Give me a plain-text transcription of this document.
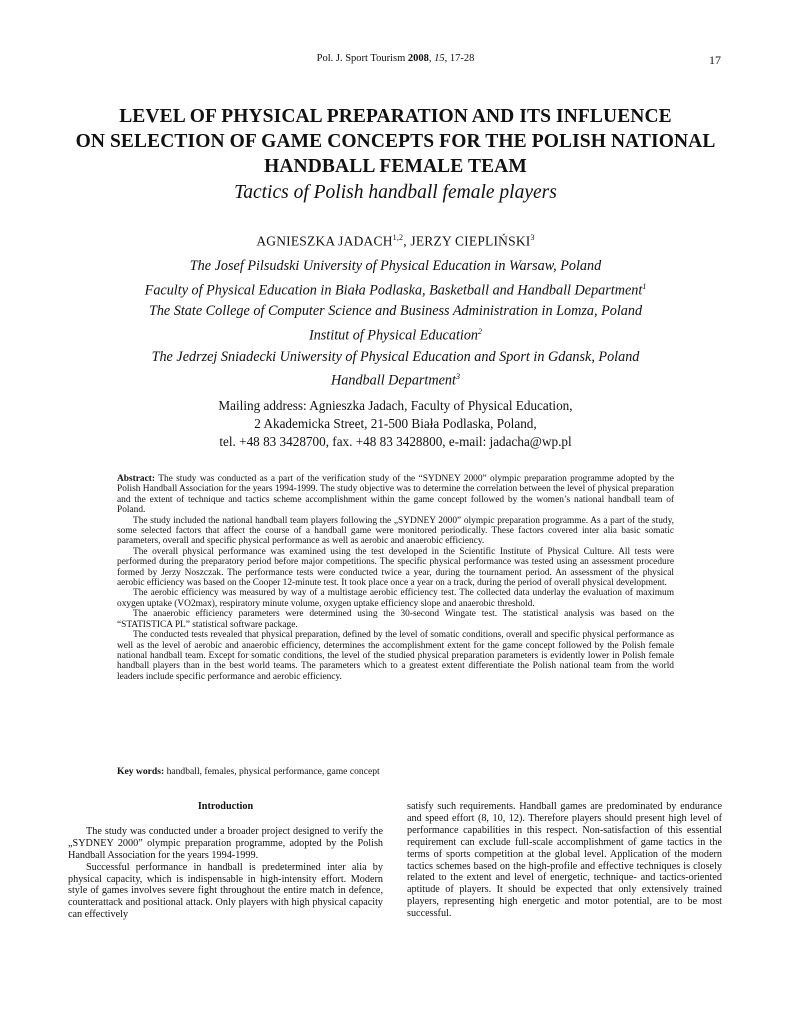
Pol. J. Sport Tourism 2008, 15, 17-28	17
LEVEL OF PHYSICAL PREPARATION AND ITS INFLUENCE
ON SELECTION OF GAME CONCEPTS FOR THE POLISH NATIONAL
HANDBALL FEMALE TEAM
Tactics of Polish handball female players
AGNIESZKA JADACH$^{1,2}$, JERZY CIEPLIŃSKI$^3$
The Josef Pilsudski University of Physical Education in Warsaw, Poland
Faculty of Physical Education in Biała Podlaska, Basketball and Handball Department$^1$
The State College of Computer Science and Business Administration in Lomza, Poland
Institut of Physical Education$^2$
The Jedrzej Sniadecki Uniwersity of Physical Education and Sport in Gdansk, Poland
Handball Department$^3$
Mailing address: Agnieszka Jadach, Faculty of Physical Education,
2 Akademicka Street, 21-500 Biała Podlaska, Poland,
tel. +48 83 3428700, fax. +48 83 3428800, e-mail: jadacha@wp.pl

Abstract: The study was conducted as a part of the verification study of the “SYDNEY 2000” olympic preparation programme adopted by the Polish Handball Association for the years 1994-1999. The study objective was to determine the correlation between the level of physical preparation and the extent of technique and tactics scheme accomplishment within the game concept followed by the women’s national handball team of Poland.

The study included the national handball team players following the „SYDNEY 2000” olympic preparation programme. As a part of the study, some selected factors that affect the course of a handball game were monitored periodically. These factors covered inter alia basic somatic parameters, overall and specific physical performance as well as aerobic and anaerobic efficiency.

The overall physical performance was examined using the test developed in the Scientific Institute of Physical Culture. All tests were performed during the preparatory period before major competitions. The specific physical performance was tested using an assessment procedure formed by Jerzy Noszczak. The performance tests were conducted twice a year, during the tournament period. An assessment of the physical aerobic efficiency was based on the Cooper 12-minute test. It took place once a year on a track, during the period of overall physical development.

The aerobic efficiency was measured by way of a multistage aerobic efficiency test. The collected data underlay the evaluation of maximum oxygen uptake (VO2max), respiratory minute volume, oxygen uptake efficiency slope and anaerobic threshold.

The anaerobic efficiency parameters were determined using the 30-second Wingate test. The statistical analysis was based on the “STATISTICA PL” statistical software package.

The conducted tests revealed that physical preparation, defined by the level of somatic conditions, overall and specific physical performance as well as the level of aerobic and anaerobic efficiency, determines the accomplishment extent for the game concept followed by the Polish female national handball team. Except for somatic conditions, the level of the studied physical preparation parameters is evidently lower in Polish female handball players than in the best world teams. The parameters which to a greatest extent differentiate the Polish national team from the world leaders include specific performance and aerobic efficiency.

Key words: handball, females, physical performance, game concept
Introduction

The study was conducted under a broader project designed to verify the „SYDNEY 2000” olympic preparation programme, adopted by the Polish Handball Association for the years 1994-1999.

Successful performance in handball is predetermined inter alia by physical capacity, which is indispensable in high-intensity effort. Modern style of games involves severe fight throughout the entire match in defence, counterattack and positional attack. Only players with high physical capacity can effectively

satisfy such requirements. Handball games are predominated by endurance and speed effort (8, 10, 12). Therefore players should present high level of performance capabilities in this respect. Non-satisfaction of this essential requirement can exclude full-scale accomplishment of game tactics in the terms of sports competition at the global level. Application of the modern tactics schemes based on the high-profile and effective techniques is closely related to the extent and level of energetic, technique- and tactics-oriented aptitude of players. It should be expected that only extensively trained players, representing high energetic and motor potential, are to be most successful.
